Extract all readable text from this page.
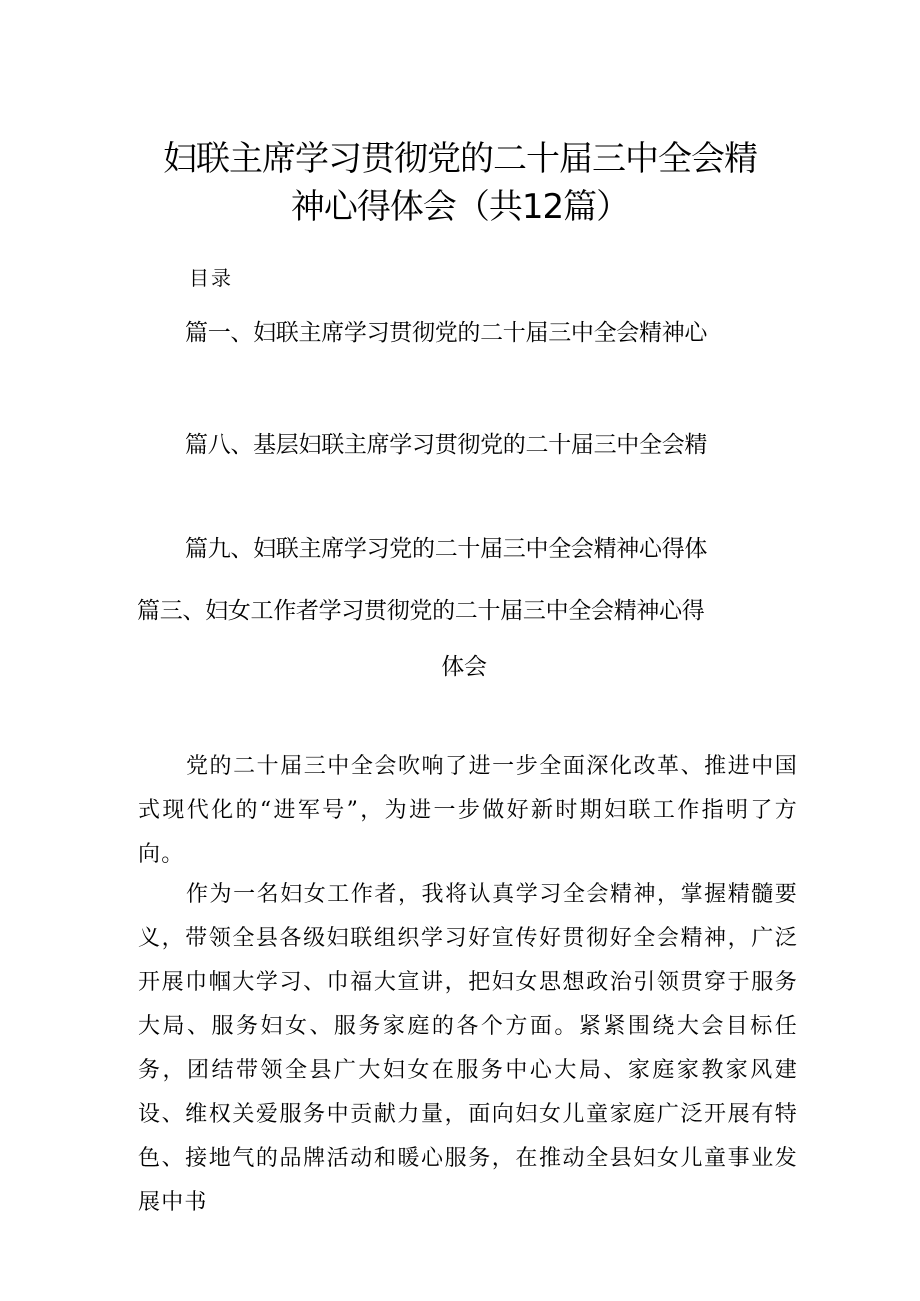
妇联主席学习贯彻党的二十届三中全会精
神心得体会（共12篇）
目录
篇一、妇联主席学习贯彻党的二十届三中全会精神心
篇八、基层妇联主席学习贯彻党的二十届三中全会精
篇九、妇联主席学习党的二十届三中全会精神心得体
篇三、妇女工作者学习贯彻党的二十届三中全会精神心得
体会

党的二十届三中全会吹响了进一步全面深化改革、推进中国式现代化的“进军号”，为进一步做好新时期妇联工作指明了方向。

作为一名妇女工作者，我将认真学习全会精神，掌握精髓要义，带领全县各级妇联组织学习好宣传好贯彻好全会精神，广泛开展巾帼大学习、巾福大宣讲，把妇女思想政治引领贯穿于服务大局、服务妇女、服务家庭的各个方面。紧紧围绕大会目标任务，团结带领全县广大妇女在服务中心大局、家庭家教家风建设、维权关爱服务中贡献力量，面向妇女儿童家庭广泛开展有特色、接地气的品牌活动和暖心服务，在推动全县妇女儿童事业发展中书
